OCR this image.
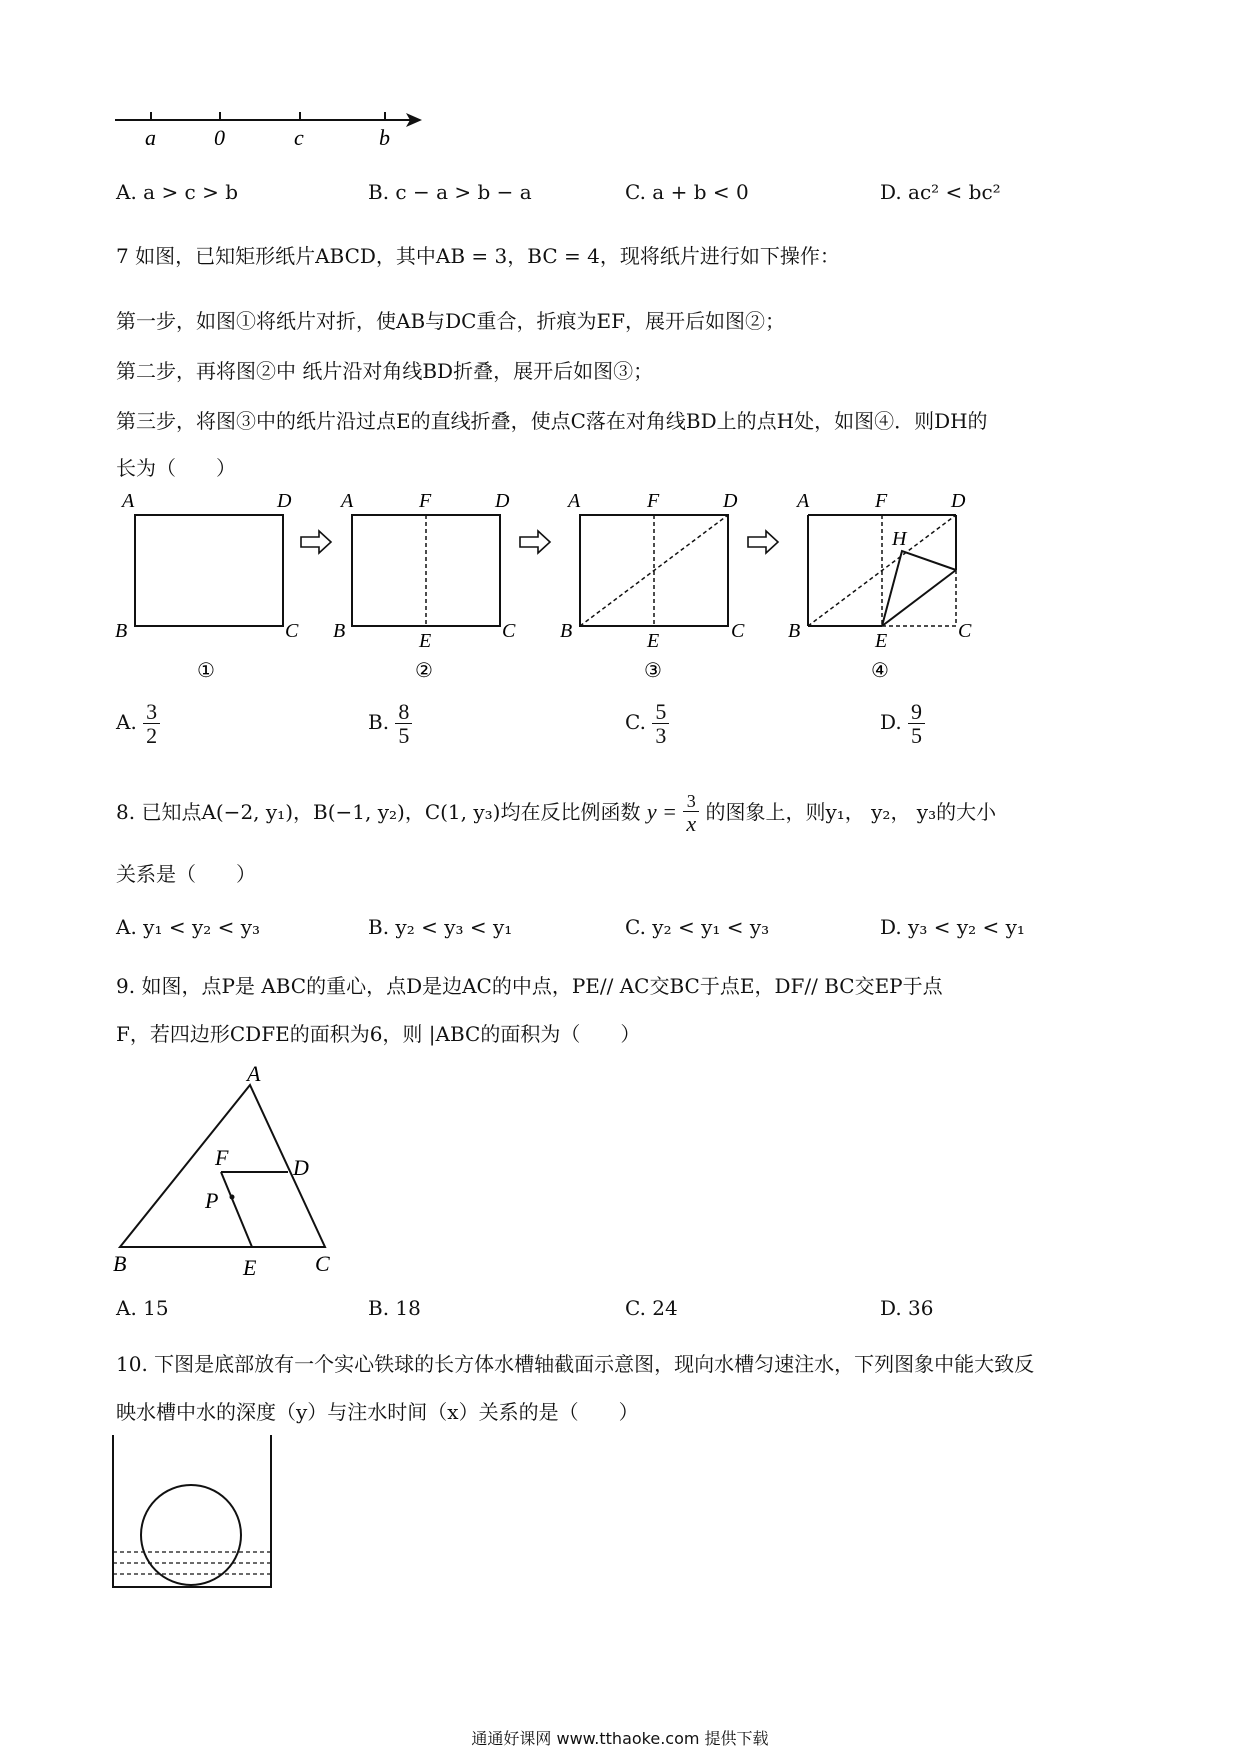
a	0	c	b
A. a > c > b	B. c − a > b − a	C. a + b < 0	D. ac² < bc²
7 如图，已知矩形纸片ABCD，其中AB = 3，BC = 4，现将纸片进行如下操作：
第一步，如图①将纸片对折，使AB与DC重合，折痕为EF，展开后如图②；
第二步，再将图②中 纸片沿对角线BD折叠，展开后如图③；
第三步，将图③中的纸片沿过点E的直线折叠，使点C落在对角线BD上的点H处，如图④．则DH的
长为（　　）
A	D
B	C
A	F	D
B	E	C
A	F	D
B	E	C
A	F	D
H
B	E	C
①	②	③	④
A. $\frac{3}{2}$	B. $\frac{8}{5}$	C. $\frac{5}{3}$	D. $\frac{9}{5}$
8. 已知点A(−2, y₁)，B(−1, y₂)，C(1, y₃)均在反比例函数 $y = \frac{3}{x}$ 的图象上，则y₁， y₂， y₃的大小
关系是（　　）
A. y₁ < y₂ < y₃	B. y₂ < y₃ < y₁	C. y₂ < y₁ < y₃	D. y₃ < y₂ < y₁
9. 如图，点P是 ABC的重心，点D是边AC的中点，PE// AC交BC于点E，DF// BC交EP于点
F，若四边形CDFE的面积为6，则 |ABC的面积为（　　）
A
F	D
P
B	E	C
A. 15	B. 18	C. 24	D. 36
10. 下图是底部放有一个实心铁球的长方体水槽轴截面示意图，现向水槽匀速注水，下列图象中能大致反
映水槽中水的深度（y）与注水时间（x）关系的是（　　）
通通好课网 www.tthaoke.com 提供下载
